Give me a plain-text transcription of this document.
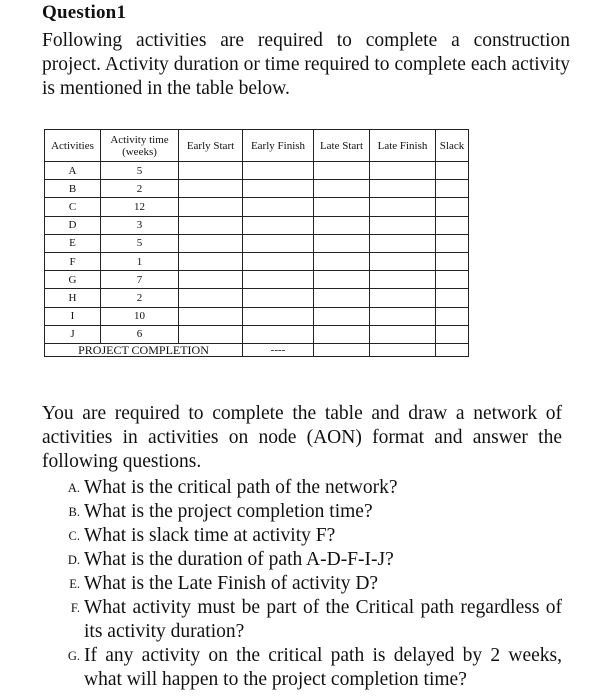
Question1
Following activities are required to complete a construction project. Activity duration or time required to complete each activity is mentioned in the table below.
Activities	Activity time (weeks)	Early Start	Early Finish	Late Start	Late Finish	Slack
A	5					
B	2					
C	12					
D	3					
E	5					
F	1					
G	7					
H	2					
I	10					
J	6					
PROJECT COMPLETION			----			
You are required to complete the table and draw a network of activities in activities on node (AON) format and answer the following questions.
A. What is the critical path of the network?
B. What is the project completion time?
C. What is slack time at activity F?
D. What is the duration of path A-D-F-I-J?
E. What is the Late Finish of activity D?
F. What activity must be part of the Critical path regardless of its activity duration?
G. If any activity on the critical path is delayed by 2 weeks, what will happen to the project completion time?
